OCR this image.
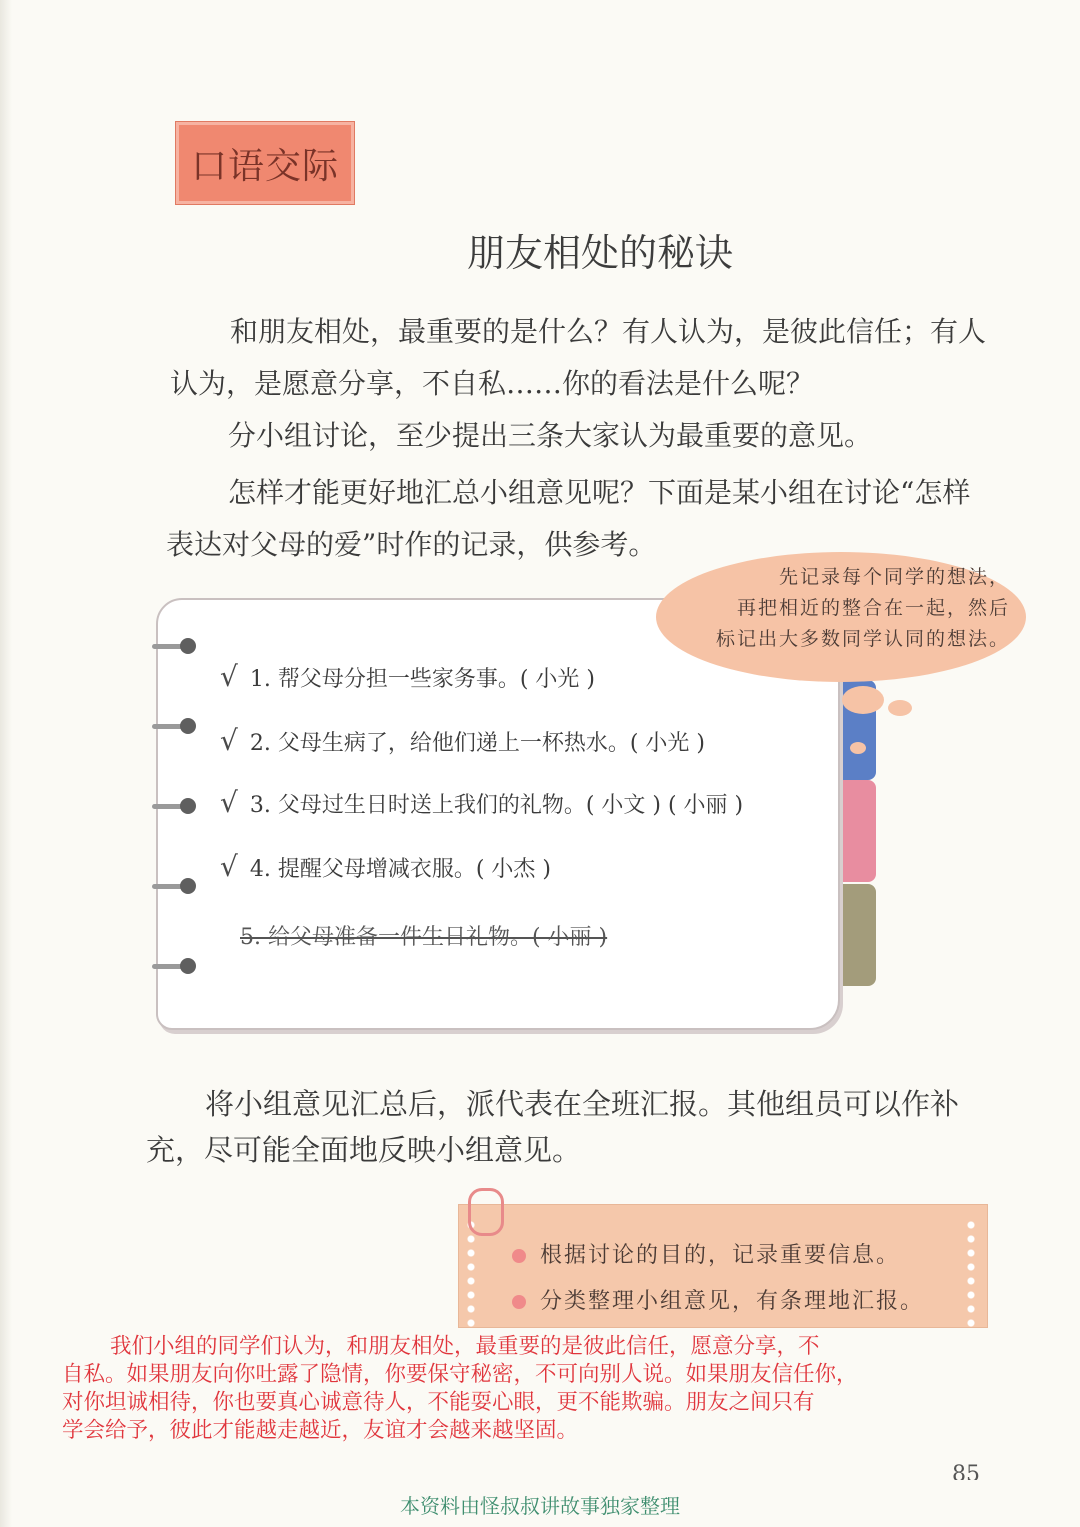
口语交际
朋友相处的秘诀
和朋友相处，最重要的是什么？有人认为，是彼此信任；有人
认为，是愿意分享，不自私……你的看法是什么呢？
分小组讨论，至少提出三条大家认为最重要的意见。
怎样才能更好地汇总小组意见呢？下面是某小组在讨论“怎样
表达对父母的爱”时作的记录，供参考。
√ 1. 帮父母分担一些家务事。( 小光 )
√ 2. 父母生病了，给他们递上一杯热水。( 小光 )
√ 3. 父母过生日时送上我们的礼物。( 小文 ) ( 小丽 )
√ 4. 提醒父母增减衣服。( 小杰 )
5. 给父母准备一件生日礼物。( 小丽 )
先记录每个同学的想法，
再把相近的整合在一起，然后
标记出大多数同学认同的想法。
将小组意见汇总后，派代表在全班汇报。其他组员可以作补
充，尽可能全面地反映小组意见。
根据讨论的目的，记录重要信息。
分类整理小组意见，有条理地汇报。
我们小组的同学们认为，和朋友相处，最重要的是彼此信任，愿意分享，不
自私。如果朋友向你吐露了隐情，你要保守秘密，不可向别人说。如果朋友信任你，
对你坦诚相待，你也要真心诚意待人，不能耍心眼，更不能欺骗。朋友之间只有
学会给予，彼此才能越走越近，友谊才会越来越坚固。
85
本资料由怪叔叔讲故事独家整理
